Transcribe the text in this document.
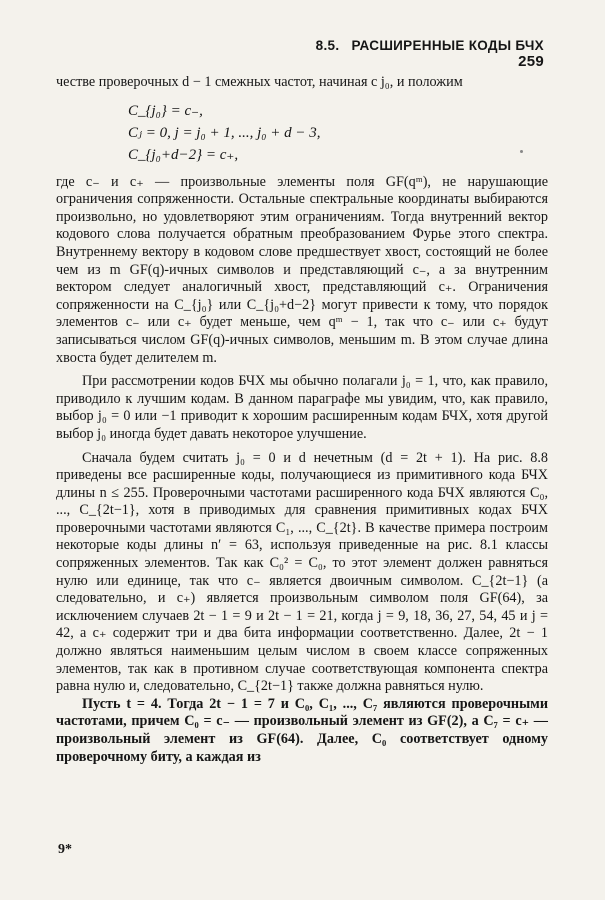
8.5. РАСШИРЕННЫЕ КОДЫ БЧХ 259

честве проверочных d − 1 смежных частот, начиная с j₀, и положим

C_{j₀} = c₋,
Cⱼ = 0, j = j₀ + 1, ..., j₀ + d − 3,
C_{j₀+d−2} = c₊,

где c₋ и c₊ — произвольные элементы поля GF(qᵐ), не нарушающие ограничения сопряженности. Остальные спектральные координаты выбираются произвольно, но удовлетворяют этим ограничениям. Тогда внутренний вектор кодового слова получается обратным преобразованием Фурье этого спектра. Внутреннему вектору в кодовом слове предшествует хвост, состоящий не более чем из m GF(q)-ичных символов и представляющий c₋, а за внутренним вектором следует аналогичный хвост, представляющий c₊. Ограничения сопряженности на C_{j₀} или C_{j₀+d−2} могут привести к тому, что порядок элементов c₋ или c₊ будет меньше, чем qᵐ − 1, так что c₋ или c₊ будут записываться числом GF(q)-ичных символов, меньшим m. В этом случае длина хвоста будет делителем m.

При рассмотрении кодов БЧХ мы обычно полагали j₀ = 1, что, как правило, приводило к лучшим кодам. В данном параграфе мы увидим, что, как правило, выбор j₀ = 0 или −1 приводит к хорошим расширенным кодам БЧХ, хотя другой выбор j₀ иногда будет давать некоторое улучшение.

Сначала будем считать j₀ = 0 и d нечетным (d = 2t + 1). На рис. 8.8 приведены все расширенные коды, получающиеся из примитивного кода БЧХ длины n ≤ 255. Проверочными частотами расширенного кода БЧХ являются C₀, ..., C_{2t−1}, хотя в приводимых для сравнения примитивных кодах БЧХ проверочными частотами являются C₁, ..., C_{2t}. В качестве примера построим некоторые коды длины n′ = 63, используя приведенные на рис. 8.1 классы сопряженных элементов. Так как C₀² = C₀, то этот элемент должен равняться нулю или единице, так что c₋ является двоичным символом. C_{2t−1} (а следовательно, и c₊) является произвольным символом поля GF(64), за исключением случаев 2t − 1 = 9 и 2t − 1 = 21, когда j = 9, 18, 36, 27, 54, 45 и j = 42, а c₊ содержит три и два бита информации соответственно. Далее, 2t − 1 должно являться наименьшим целым числом в своем классе сопряженных элементов, так как в противном случае соответствующая компонента спектра равна нулю и, следовательно, C_{2t−1} также должна равняться нулю.

Пусть t = 4. Тогда 2t − 1 = 7 и C₀, C₁, ..., C₇ являются проверочными частотами, причем C₀ = c₋ — произвольный элемент из GF(2), а C₇ = c₊ — произвольный элемент из GF(64). Далее, C₀ соответствует одному проверочному биту, а каждая из

9*
